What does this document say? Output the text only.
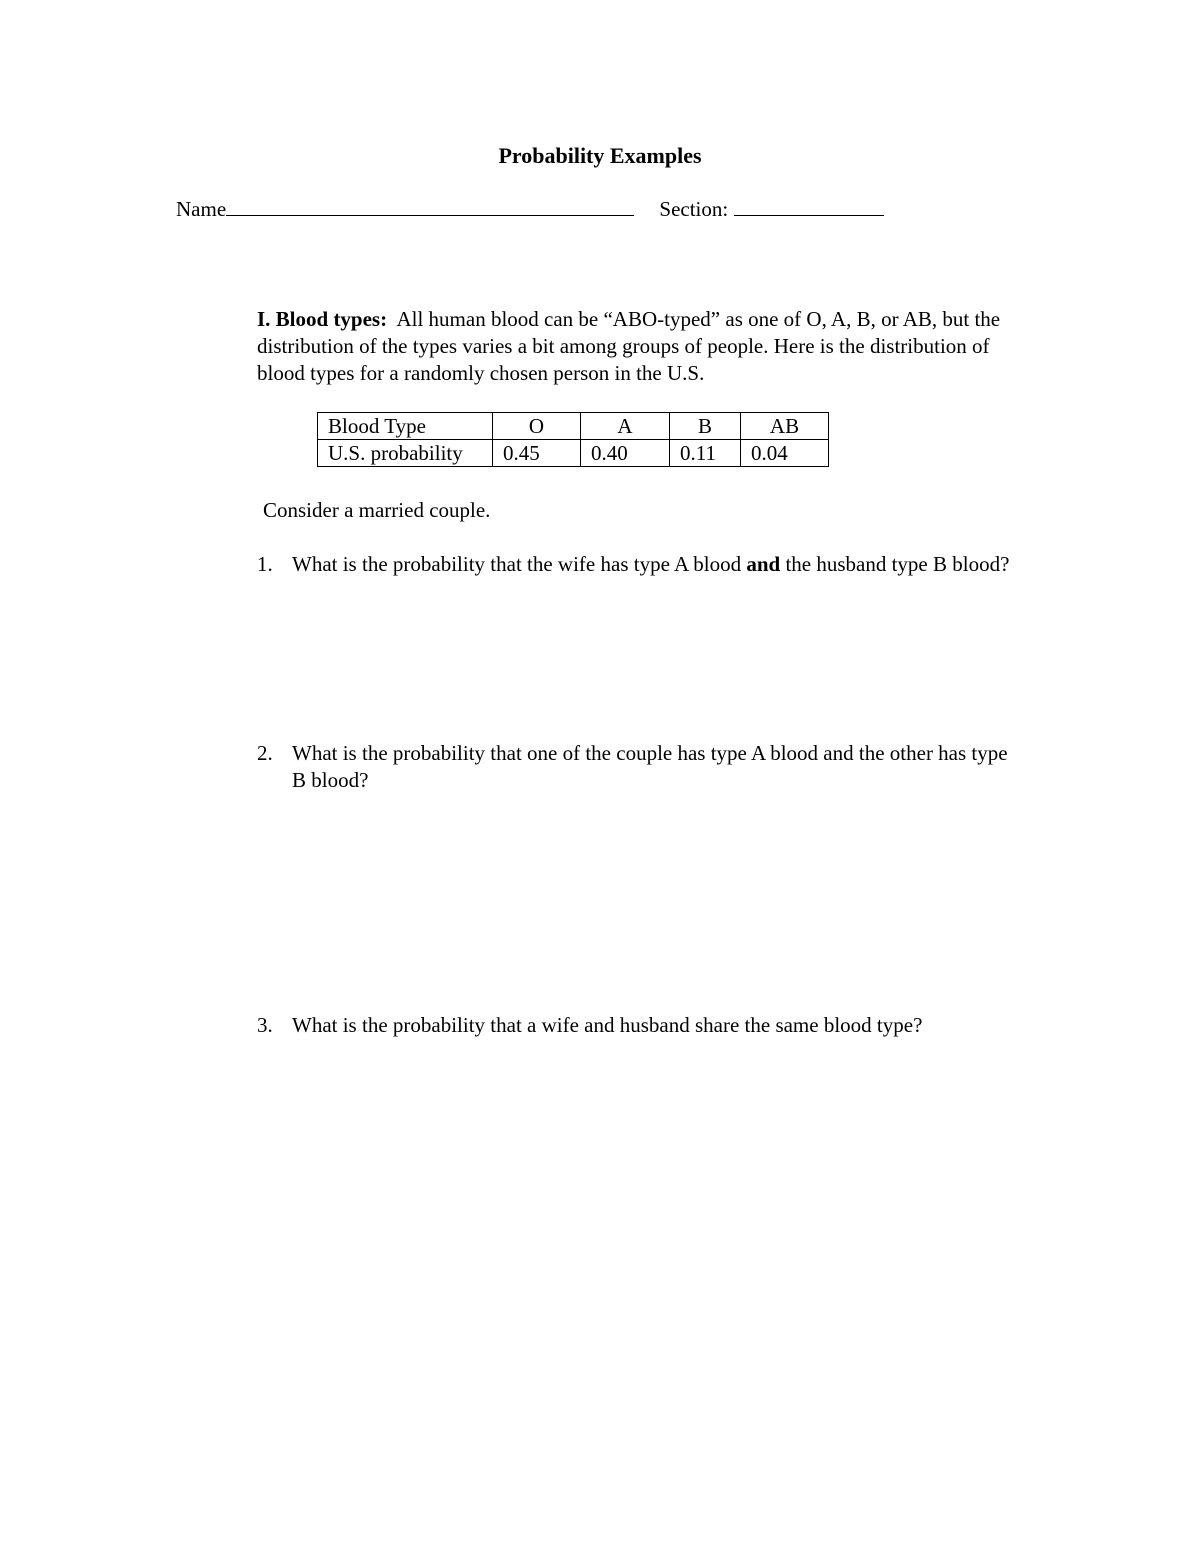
Probability Examples
Name	Section:
I. Blood types: All human blood can be “ABO-typed” as one of O, A, B, or AB, but the distribution of the types varies a bit among groups of people. Here is the distribution of blood types for a randomly chosen person in the U.S.
Blood Type	O	A	B	AB
U.S. probability	0.45	0.40	0.11	0.04
Consider a married couple.
1. What is the probability that the wife has type A blood and the husband type B blood?
2. What is the probability that one of the couple has type A blood and the other has type B blood?
3. What is the probability that a wife and husband share the same blood type?
